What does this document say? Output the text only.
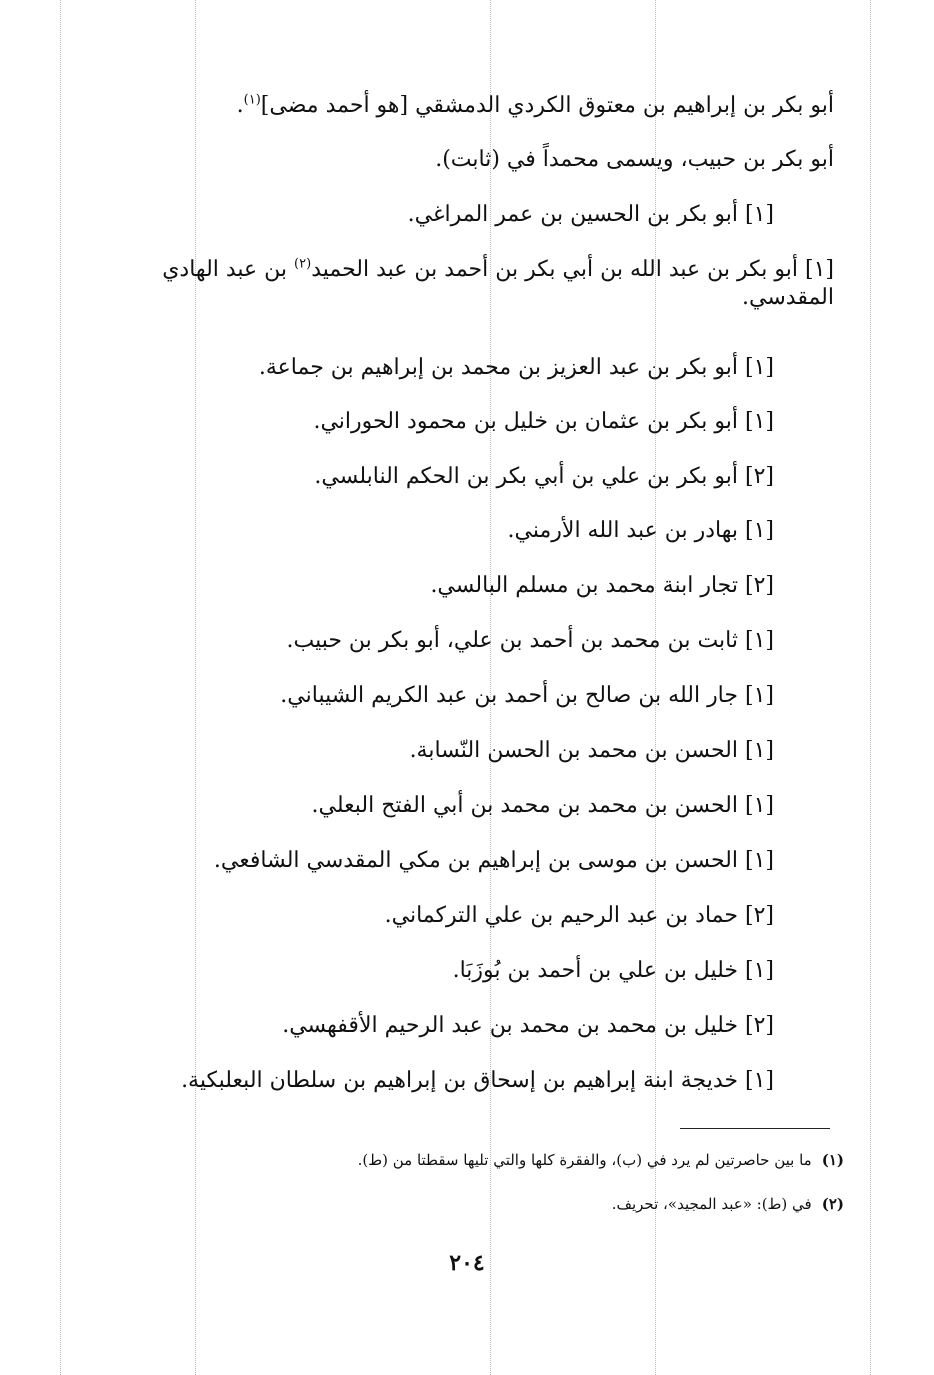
أبو بكر بن إبراهيم بن معتوق الكردي الدمشقي [هو أحمد مضى]$^{(١)}$.
أبو بكر بن حبيب، ويسمى محمداً في (ثابت).
[١] أبو بكر بن الحسين بن عمر المراغي.
[١] أبو بكر بن عبد الله بن أبي بكر بن أحمد بن عبد الحميد$^{(٢)}$ بن عبد الهادي المقدسي.
[١] أبو بكر بن عبد العزيز بن محمد بن إبراهيم بن جماعة.
[١] أبو بكر بن عثمان بن خليل بن محمود الحوراني.
[٢] أبو بكر بن علي بن أبي بكر بن الحكم النابلسي.
[١] بهادر بن عبد الله الأرمني.
[٢] تجار ابنة محمد بن مسلم البالسي.
[١] ثابت بن محمد بن أحمد بن علي، أبو بكر بن حبيب.
[١] جار الله بن صالح بن أحمد بن عبد الكريم الشيباني.
[١] الحسن بن محمد بن الحسن النّسابة.
[١] الحسن بن محمد بن محمد بن أبي الفتح البعلي.
[١] الحسن بن موسى بن إبراهيم بن مكي المقدسي الشافعي.
[٢] حماد بن عبد الرحيم بن علي التركماني.
[١] خليل بن علي بن أحمد بن بُوزَبَا.
[٢] خليل بن محمد بن محمد بن عبد الرحيم الأقفهسي.
[١] خديجة ابنة إبراهيم بن إسحاق بن إبراهيم بن سلطان البعلبكية.
(١)ما بين حاصرتين لم يرد في (ب)، والفقرة كلها والتي تليها سقطتا من (ط).
(٢)في (ط): «عبد المجيد»، تحريف.
٢٠٤
